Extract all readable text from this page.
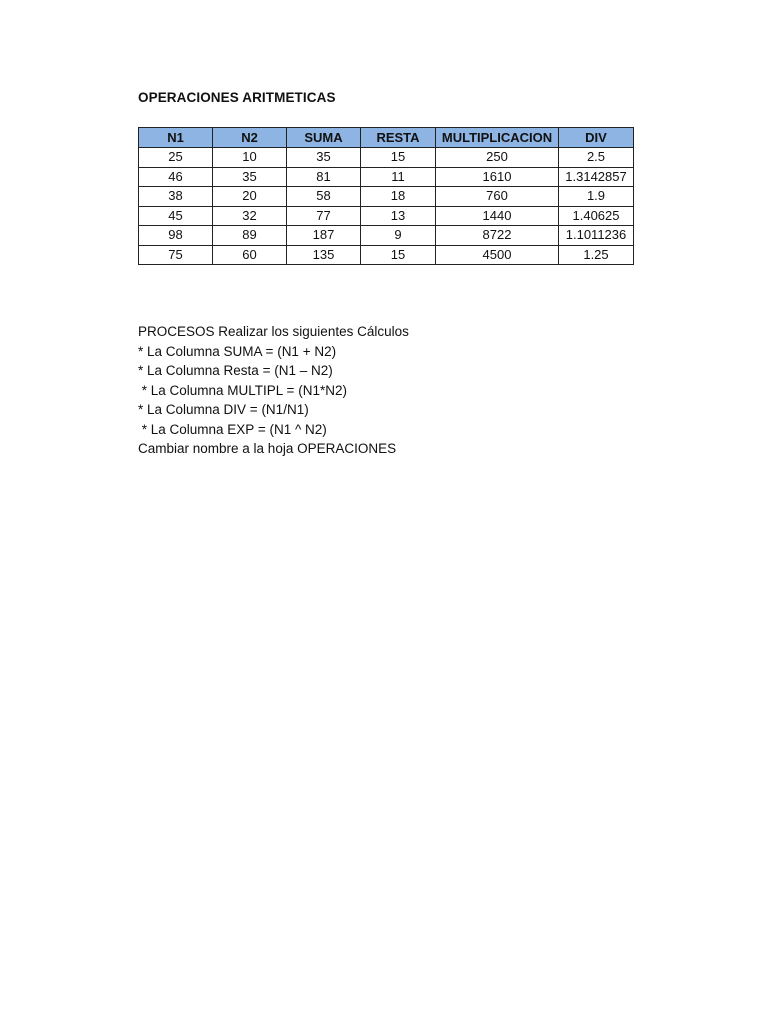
OPERACIONES ARITMETICAS
N1	N2	SUMA	RESTA	MULTIPLICACION	DIV
25	10	35	15	250	2.5
46	35	81	11	1610	1.3142857
38	20	58	18	760	1.9
45	32	77	13	1440	1.40625
98	89	187	9	8722	1.1011236
75	60	135	15	4500	1.25
PROCESOS Realizar los siguientes Cálculos
* La Columna SUMA = (N1 + N2)
* La Columna Resta = (N1 – N2)
* La Columna MULTIPL = (N1*N2)
* La Columna DIV = (N1/N1)
* La Columna EXP = (N1 ^ N2)
Cambiar nombre a la hoja OPERACIONES
